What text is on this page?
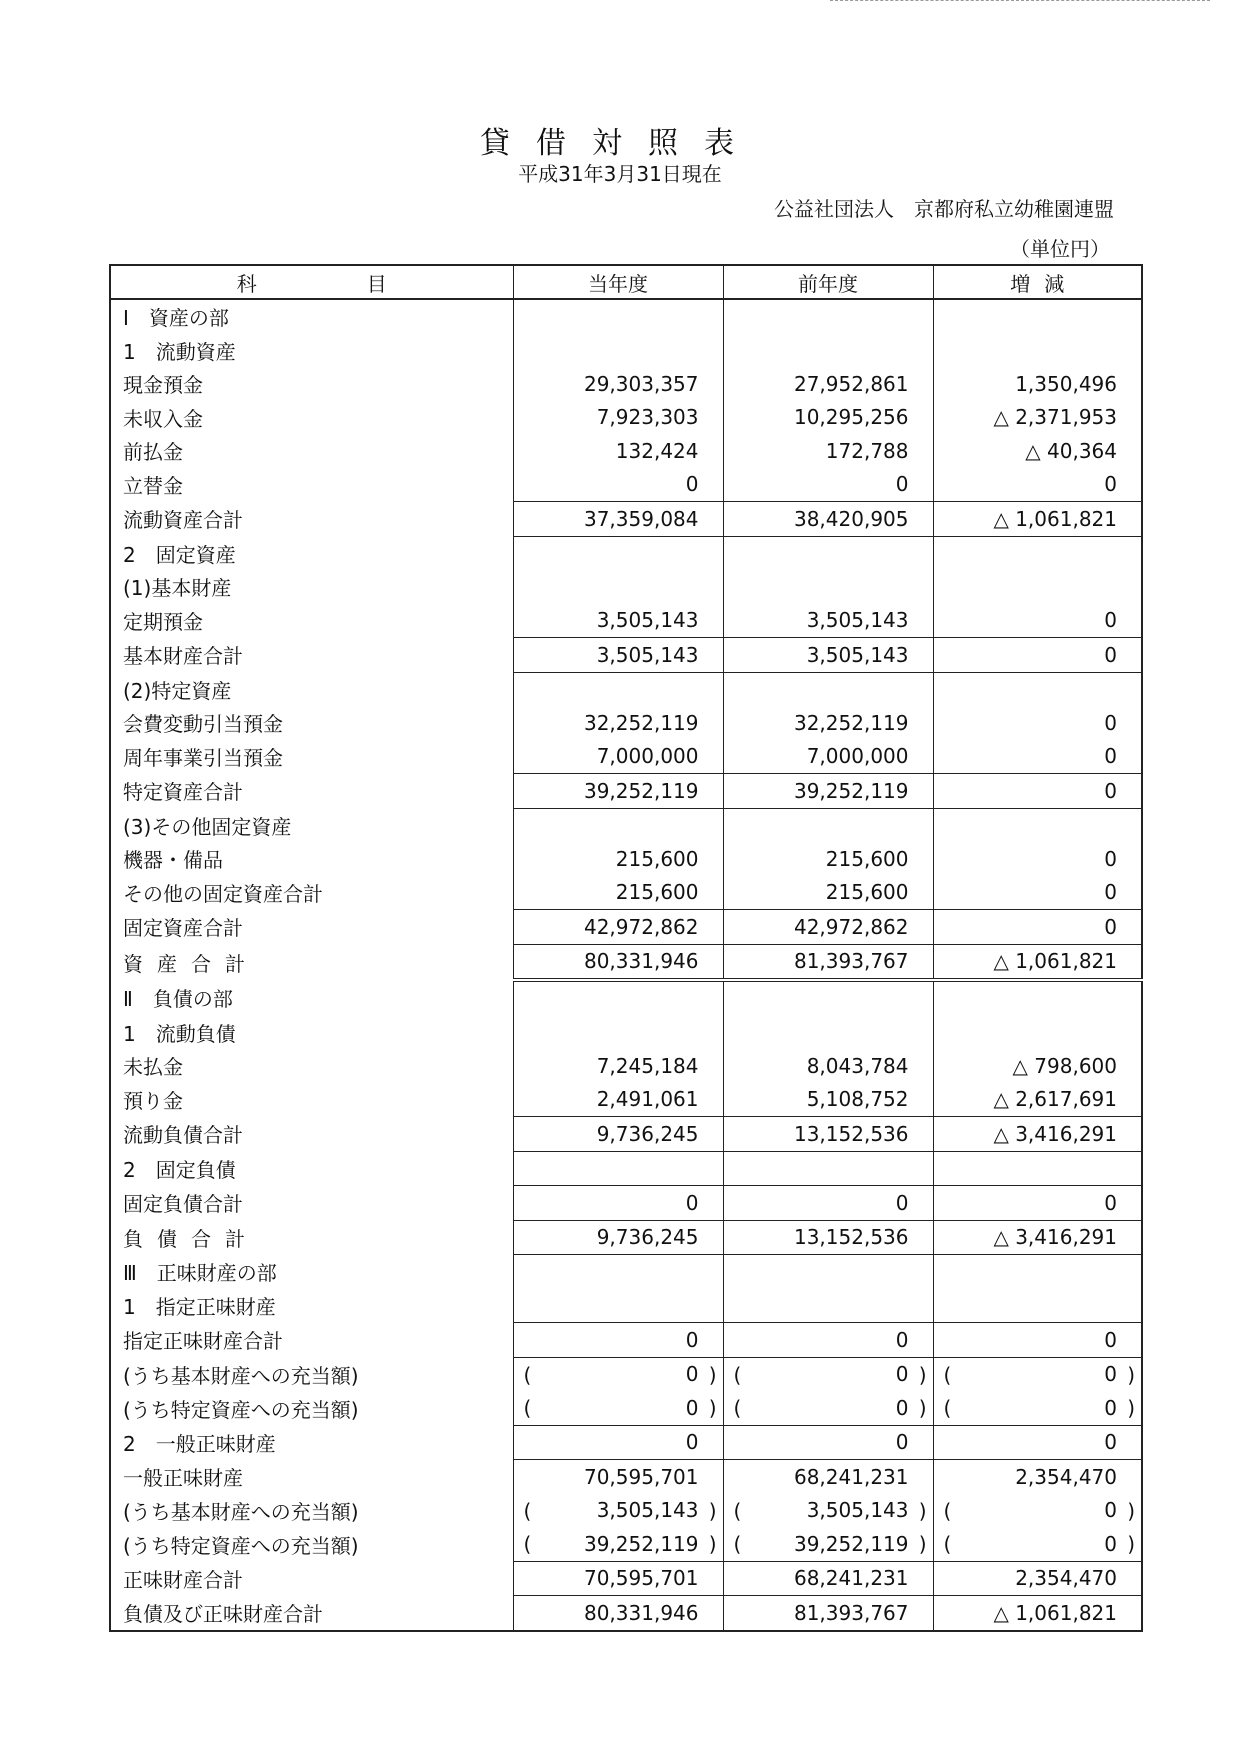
貸借対照表
平成31年3月31日現在
公益社団法人　京都府私立幼稚園連盟
（単位円）
科目	当年度	前年度	増減
Ⅰ　資産の部			
1　流動資産			
現金預金	29,303,357	27,952,861	1,350,496
未収入金	7,923,303	10,295,256	△ 2,371,953
前払金	132,424	172,788	△ 40,364
立替金	0	0	0
流動資産合計	37,359,084	38,420,905	△ 1,061,821
2　固定資産			
(1)基本財産			
定期預金	3,505,143	3,505,143	0
基本財産合計	3,505,143	3,505,143	0
(2)特定資産			
会費変動引当預金	32,252,119	32,252,119	0
周年事業引当預金	7,000,000	7,000,000	0
特定資産合計	39,252,119	39,252,119	0
(3)その他固定資産			
機器・備品	215,600	215,600	0
その他の固定資産合計	215,600	215,600	0
固定資産合計	42,972,862	42,972,862	0
資産合計	80,331,946	81,393,767	△ 1,061,821
Ⅱ　負債の部			
1　流動負債			
未払金	7,245,184	8,043,784	△ 798,600
預り金	2,491,061	5,108,752	△ 2,617,691
流動負債合計	9,736,245	13,152,536	△ 3,416,291
2　固定負債			
固定負債合計	0	0	0
負債合計	9,736,245	13,152,536	△ 3,416,291
Ⅲ　正味財産の部			
1　指定正味財産			
指定正味財産合計	0	0	0
(うち基本財産への充当額)	( 0 )	( 0 )	( 0 )

(うち特定資産への充当額)	( 0 )	( 0 )	( 0 )

2　一般正味財産	0	0	0
一般正味財産	70,595,701	68,241,231	2,354,470
(うち基本財産への充当額)	( 3,505,143 )	( 3,505,143 )	( 0 )

(うち特定資産への充当額)	( 39,252,119 )	( 39,252,119 )	( 0 )

正味財産合計	70,595,701	68,241,231	2,354,470
負債及び正味財産合計	80,331,946	81,393,767	△ 1,061,821
